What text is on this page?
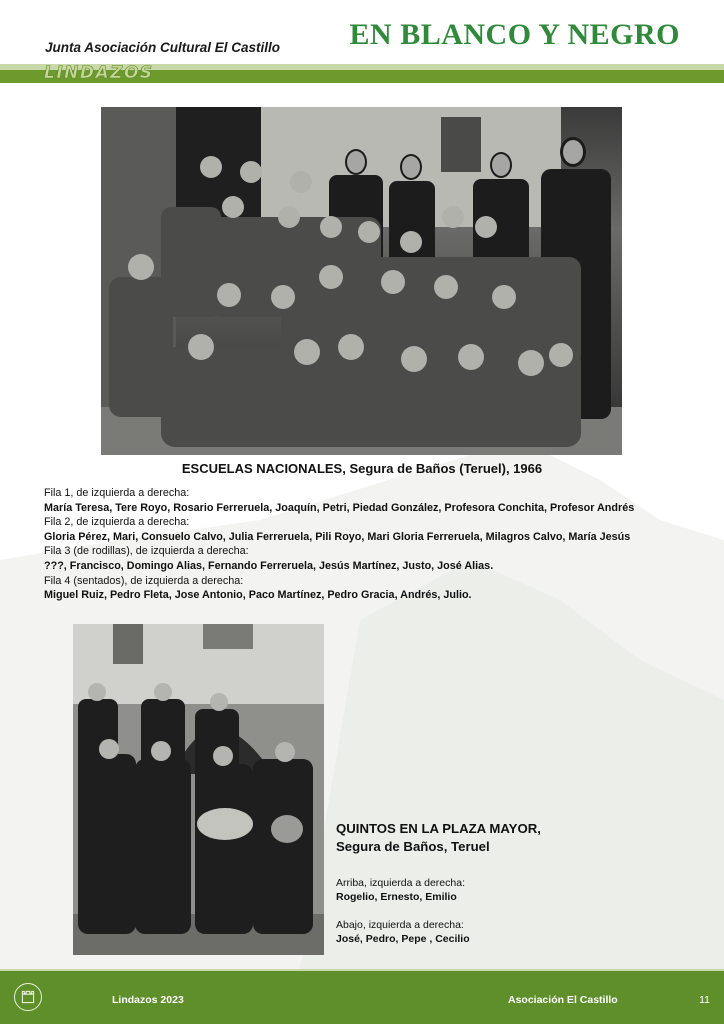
Junta Asociación Cultural El Castillo EN BLANCO Y NEGRO
LINDAZOS
ESCUELAS NACIONALES, Segura de Baños (Teruel), 1966
Fila 1, de izquierda a derecha:
María Teresa, Tere Royo, Rosario Ferreruela, Joaquín, Petri, Piedad González, Profesora Conchita, Profesor Andrés
Fila 2, de izquierda a derecha:
Gloria Pérez, Mari, Consuelo Calvo, Julia Ferreruela, Pili Royo, Mari Gloria Ferreruela, Milagros Calvo, María Jesús
Fila 3 (de rodillas), de izquierda a derecha:
???, Francisco, Domingo Alias, Fernando Ferreruela, Jesús Martínez, Justo, José Alias.
Fila 4 (sentados), de izquierda a derecha:
Miguel Ruiz, Pedro Fleta, Jose Antonio, Paco Martínez, Pedro Gracia, Andrés, Julio.
QUINTOS EN LA PLAZA MAYOR,
Segura de Baños, Teruel
Arriba, izquierda a derecha:
Rogelio, Ernesto, Emilio
Abajo, izquierda a derecha:
José, Pedro, Pepe , Cecilio
Lindazos 2023	Asociación El Castillo	11
